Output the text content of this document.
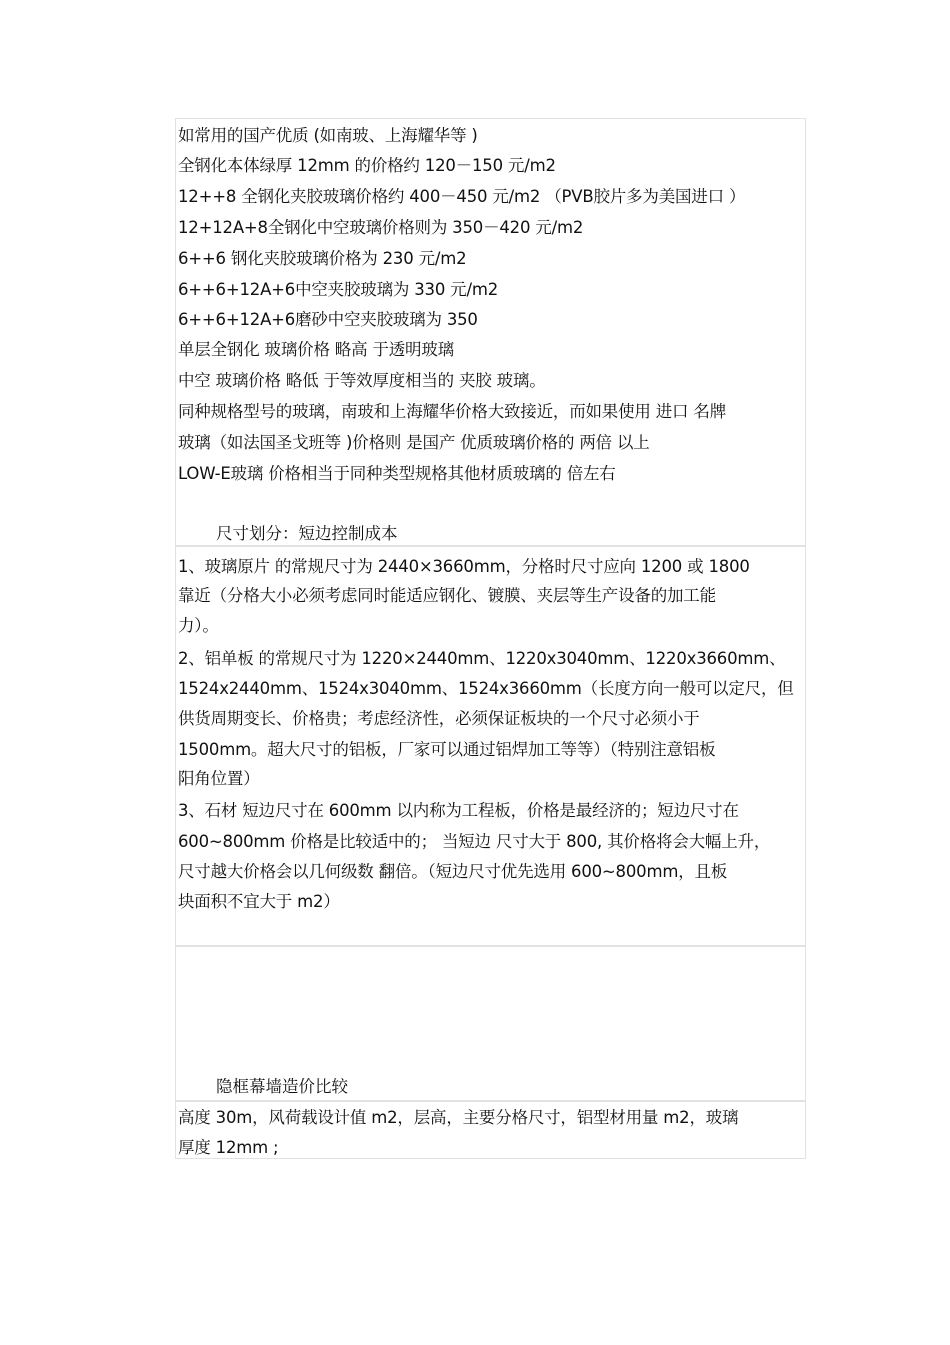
如常用的国产优质 (如南玻、上海耀华等 )
全钢化本体绿厚 12mm 的价格约 120－150 元/m2
12++8 全钢化夹胶玻璃价格约 400－450 元/m2 （PVB胶片多为美国进口 ）
12+12A+8全钢化中空玻璃价格则为 350－420 元/m2
6++6 钢化夹胶玻璃价格为 230 元/m2
6++6+12A+6中空夹胶玻璃为 330 元/m2
6++6+12A+6磨砂中空夹胶玻璃为 350
单层全钢化 玻璃价格 略高 于透明玻璃
中空 玻璃价格 略低 于等效厚度相当的 夹胶 玻璃。
同种规格型号的玻璃，南玻和上海耀华价格大致接近，而如果使用 进口 名牌
玻璃（如法国圣戈班等 )价格则 是国产 优质玻璃价格的 两倍 以上
LOW-E玻璃 价格相当于同种类型规格其他材质玻璃的 倍左右
尺寸划分：短边控制成本
1、玻璃原片 的常规尺寸为 2440×3660mm，分格时尺寸应向 1200 或 1800
靠近（分格大小必须考虑同时能适应钢化、镀膜、夹层等生产设备的加工能
力）。
2、铝单板 的常规尺寸为 1220×2440mm、1220x3040mm、1220x3660mm、
1524x2440mm、1524x3040mm、1524x3660mm（长度方向一般可以定尺，但
供货周期变长、价格贵；考虑经济性，必须保证板块的一个尺寸必须小于
1500mm。超大尺寸的铝板，厂家可以通过铝焊加工等等）（特别注意铝板
阳角位置）
3、石材 短边尺寸在 600mm 以内称为工程板，价格是最经济的；短边尺寸在
600~800mm 价格是比较适中的； 当短边 尺寸大于 800, 其价格将会大幅上升，
尺寸越大价格会以几何级数 翻倍。（短边尺寸优先选用 600~800mm，且板
块面积不宜大于 m2）
隐框幕墙造价比较
高度 30m，风荷载设计值 m2，层高，主要分格尺寸，铝型材用量 m2，玻璃
厚度 12mm ;
